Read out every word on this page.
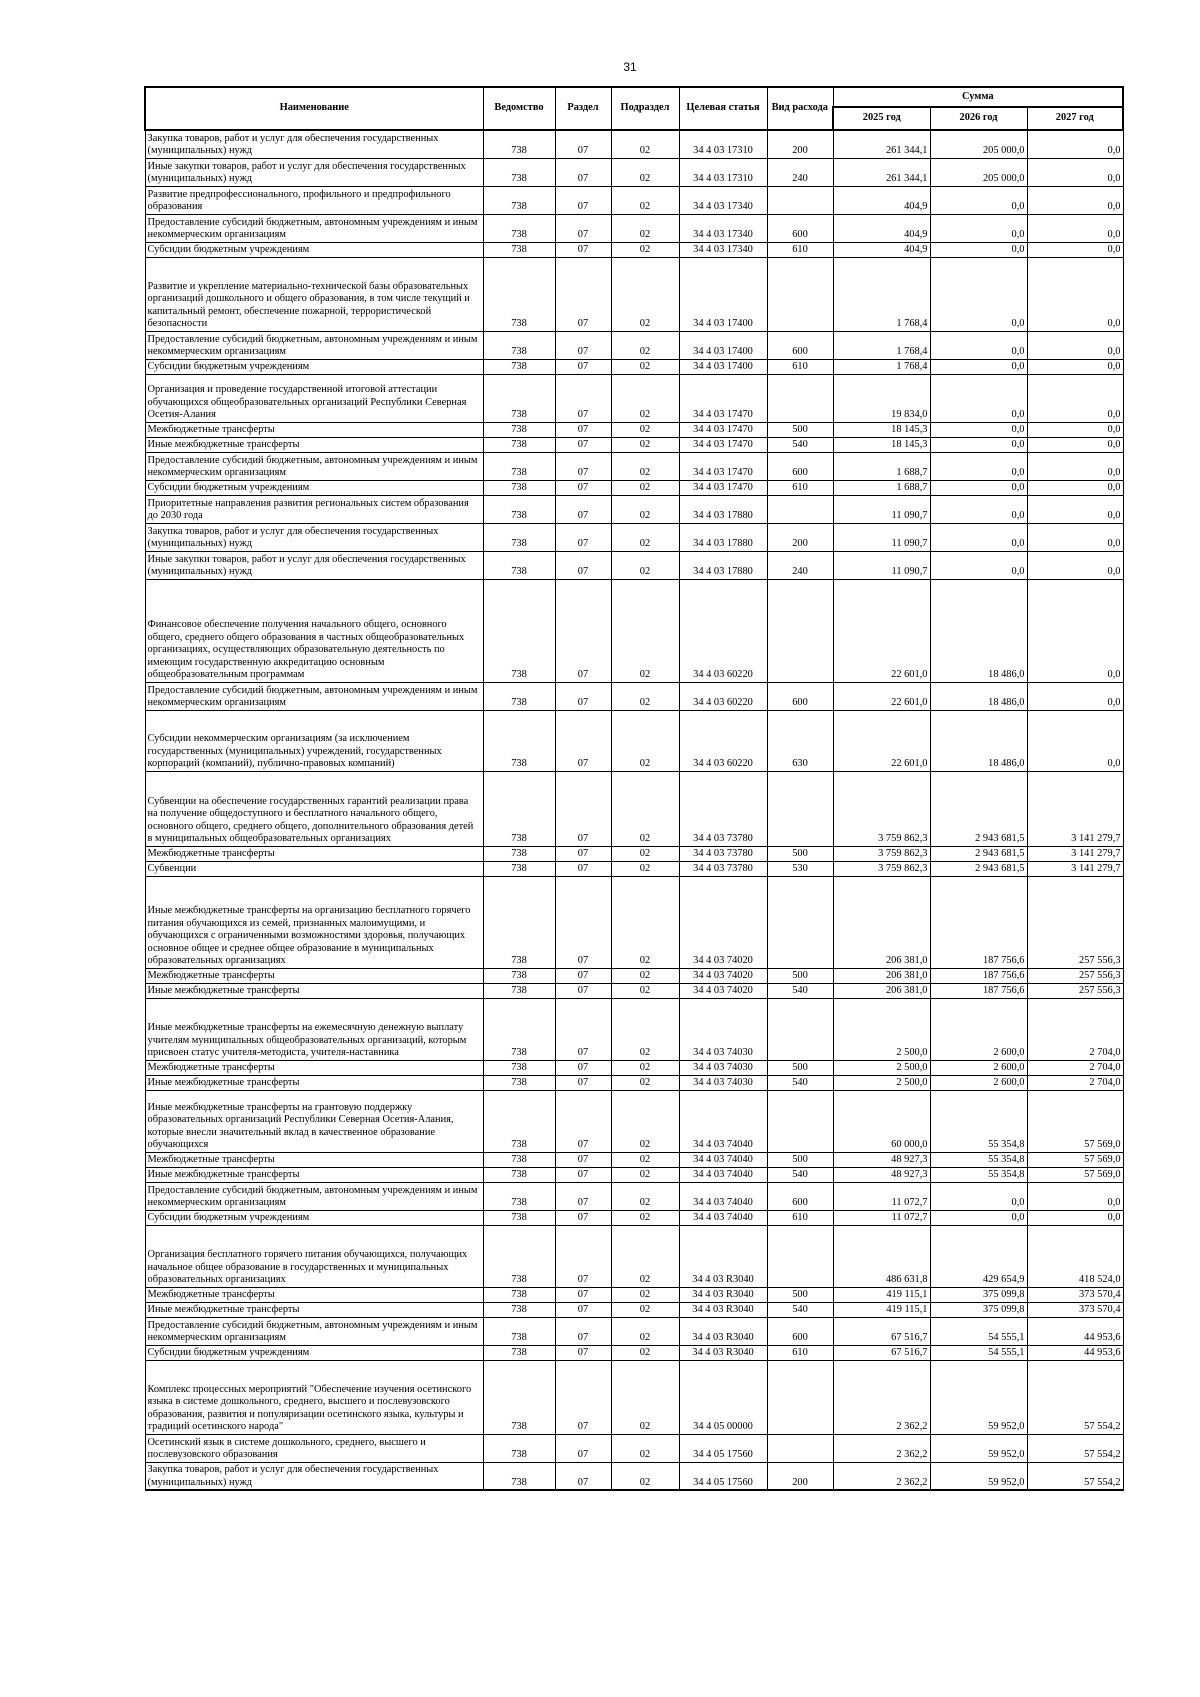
31
Наименование	Ведомство	Раздел	Подраздел	Целевая статья	Вид расхода	Сумма		
						2025 год	2026 год	2027 год
Закупка товаров, работ и услуг для обеспечения государственных (муниципальных) нужд	738	07	02	34 4 03 17310	200	261 344,1	205 000,0	0,0
Иные закупки товаров, работ и услуг для обеспечения государственных (муниципальных) нужд	738	07	02	34 4 03 17310	240	261 344,1	205 000,0	0,0
Развитие предпрофессионального, профильного и предпрофильного образования	738	07	02	34 4 03 17340		404,9	0,0	0,0
Предоставление субсидий бюджетным, автономным учреждениям и иным некоммерческим организациям	738	07	02	34 4 03 17340	600	404,9	0,0	0,0
Субсидии бюджетным учреждениям	738	07	02	34 4 03 17340	610	404,9	0,0	0,0
Развитие и укрепление материально-технической базы образовательных организаций дошкольного и общего образования, в том числе текущий и капитальный ремонт, обеспечение пожарной, террористической безопасности	738	07	02	34 4 03 17400		1 768,4	0,0	0,0
Предоставление субсидий бюджетным, автономным учреждениям и иным некоммерческим организациям	738	07	02	34 4 03 17400	600	1 768,4	0,0	0,0
Субсидии бюджетным учреждениям	738	07	02	34 4 03 17400	610	1 768,4	0,0	0,0
Организация и проведение государственной итоговой аттестации обучающихся общеобразовательных организаций Республики Северная Осетия-Алания	738	07	02	34 4 03 17470		19 834,0	0,0	0,0
Межбюджетные трансферты	738	07	02	34 4 03 17470	500	18 145,3	0,0	0,0
Иные межбюджетные трансферты	738	07	02	34 4 03 17470	540	18 145,3	0,0	0,0
Предоставление субсидий бюджетным, автономным учреждениям и иным некоммерческим организациям	738	07	02	34 4 03 17470	600	1 688,7	0,0	0,0
Субсидии бюджетным учреждениям	738	07	02	34 4 03 17470	610	1 688,7	0,0	0,0
Приоритетные направления развития региональных систем образования до 2030 года	738	07	02	34 4 03 17880		11 090,7	0,0	0,0
Закупка товаров, работ и услуг для обеспечения государственных (муниципальных) нужд	738	07	02	34 4 03 17880	200	11 090,7	0,0	0,0
Иные закупки товаров, работ и услуг для обеспечения государственных (муниципальных) нужд	738	07	02	34 4 03 17880	240	11 090,7	0,0	0,0
Финансовое обеспечение получения начального общего, основного общего, среднего общего образования в частных общеобразовательных организациях, осуществляющих образовательную деятельность по имеющим государственную аккредитацию основным общеобразовательным программам	738	07	02	34 4 03 60220		22 601,0	18 486,0	0,0
Предоставление субсидий бюджетным, автономным учреждениям и иным некоммерческим организациям	738	07	02	34 4 03 60220	600	22 601,0	18 486,0	0,0
Субсидии некоммерческим организациям (за исключением государственных (муниципальных) учреждений, государственных корпораций (компаний), публично-правовых компаний)	738	07	02	34 4 03 60220	630	22 601,0	18 486,0	0,0
Субвенции на обеспечение государственных гарантий реализации права на получение общедоступного и бесплатного начального общего, основного общего, среднего общего, дополнительного образования детей в муниципальных общеобразовательных организациях	738	07	02	34 4 03 73780		3 759 862,3	2 943 681,5	3 141 279,7
Межбюджетные трансферты	738	07	02	34 4 03 73780	500	3 759 862,3	2 943 681,5	3 141 279,7
Субвенции	738	07	02	34 4 03 73780	530	3 759 862,3	2 943 681,5	3 141 279,7
Иные межбюджетные трансферты на организацию бесплатного горячего питания обучающихся из семей, признанных малоимущими, и обучающихся с ограниченными возможностями здоровья, получающих основное общее и среднее общее образование в муниципальных образовательных организациях	738	07	02	34 4 03 74020		206 381,0	187 756,6	257 556,3
Межбюджетные трансферты	738	07	02	34 4 03 74020	500	206 381,0	187 756,6	257 556,3
Иные межбюджетные трансферты	738	07	02	34 4 03 74020	540	206 381,0	187 756,6	257 556,3
Иные межбюджетные трансферты на ежемесячную денежную выплату учителям муниципальных общеобразовательных организаций, которым присвоен статус учителя-методиста, учителя-наставника	738	07	02	34 4 03 74030		2 500,0	2 600,0	2 704,0
Межбюджетные трансферты	738	07	02	34 4 03 74030	500	2 500,0	2 600,0	2 704,0
Иные межбюджетные трансферты	738	07	02	34 4 03 74030	540	2 500,0	2 600,0	2 704,0
Иные межбюджетные трансферты на грантовую поддержку образовательных организаций Республики Северная Осетия-Алания, которые внесли значительный вклад в качественное образование обучающихся	738	07	02	34 4 03 74040		60 000,0	55 354,8	57 569,0
Межбюджетные трансферты	738	07	02	34 4 03 74040	500	48 927,3	55 354,8	57 569,0
Иные межбюджетные трансферты	738	07	02	34 4 03 74040	540	48 927,3	55 354,8	57 569,0
Предоставление субсидий бюджетным, автономным учреждениям и иным некоммерческим организациям	738	07	02	34 4 03 74040	600	11 072,7	0,0	0,0
Субсидии бюджетным учреждениям	738	07	02	34 4 03 74040	610	11 072,7	0,0	0,0
Организация бесплатного горячего питания обучающихся, получающих начальное общее образование в государственных и муниципальных образовательных организациях	738	07	02	34 4 03 R3040		486 631,8	429 654,9	418 524,0
Межбюджетные трансферты	738	07	02	34 4 03 R3040	500	419 115,1	375 099,8	373 570,4
Иные межбюджетные трансферты	738	07	02	34 4 03 R3040	540	419 115,1	375 099,8	373 570,4
Предоставление субсидий бюджетным, автономным учреждениям и иным некоммерческим организациям	738	07	02	34 4 03 R3040	600	67 516,7	54 555,1	44 953,6
Субсидии бюджетным учреждениям	738	07	02	34 4 03 R3040	610	67 516,7	54 555,1	44 953,6
Комплекс процессных мероприятий "Обеспечение изучения осетинского языка в системе дошкольного, среднего, высшего и послевузовского образования, развития и популяризации осетинского языка, культуры и традиций осетинского народа"	738	07	02	34 4 05 00000		2 362,2	59 952,0	57 554,2
Осетинский язык в системе дошкольного, среднего, высшего и послевузовского образования	738	07	02	34 4 05 17560		2 362,2	59 952,0	57 554,2
Закупка товаров, работ и услуг для обеспечения государственных (муниципальных) нужд	738	07	02	34 4 05 17560	200	2 362,2	59 952,0	57 554,2
